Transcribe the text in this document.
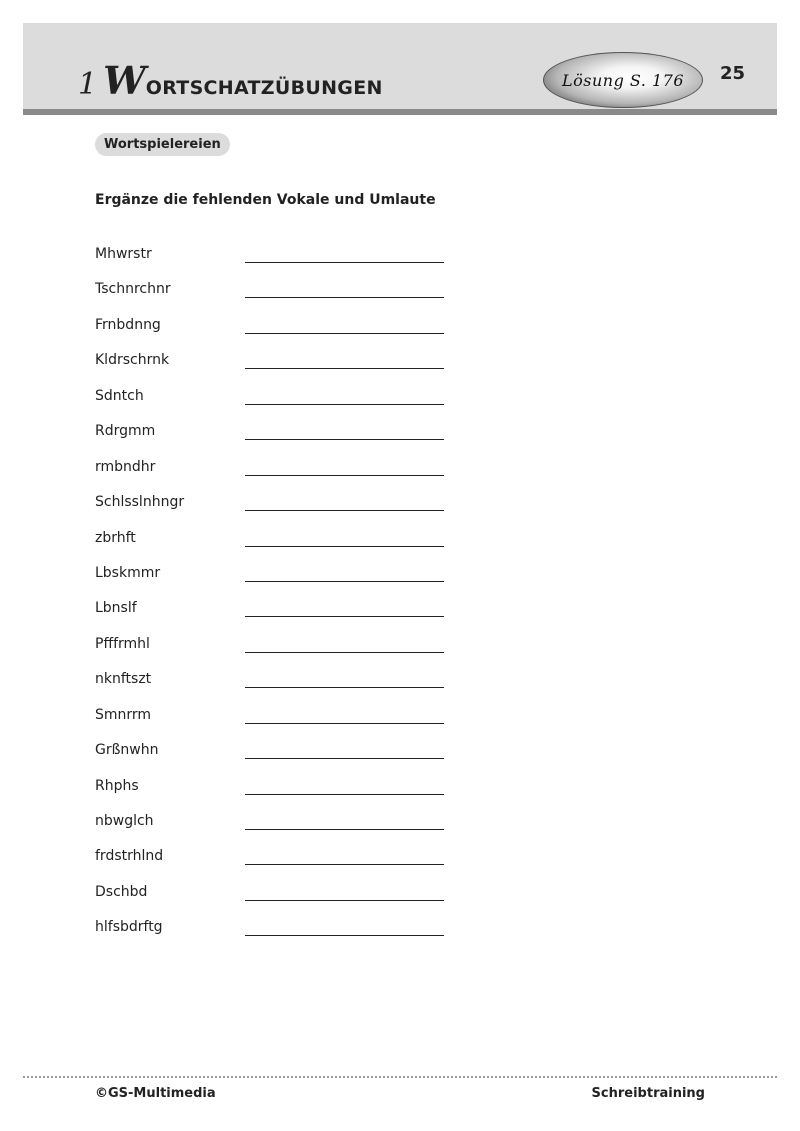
1 W ORTSCHATZÜBUNGEN	Lösung S. 176 25
Wortspielereien
Ergänze die fehlenden Vokale und Umlaute
Mhwrstr
Tschnrchnr
Frnbdnng
Kldrschrnk
Sdntch
Rdrgmm
rmbndhr
Schlsslnhngr
zbrhft
Lbskmmr
Lbnslf
Pfffrmhl
nknftszt
Smnrrm
Grßnwhn
Rhphs
nbwglch
frdstrhlnd
Dschbd
hlfsbdrftg
©GS-Multimedia	Schreibtraining
